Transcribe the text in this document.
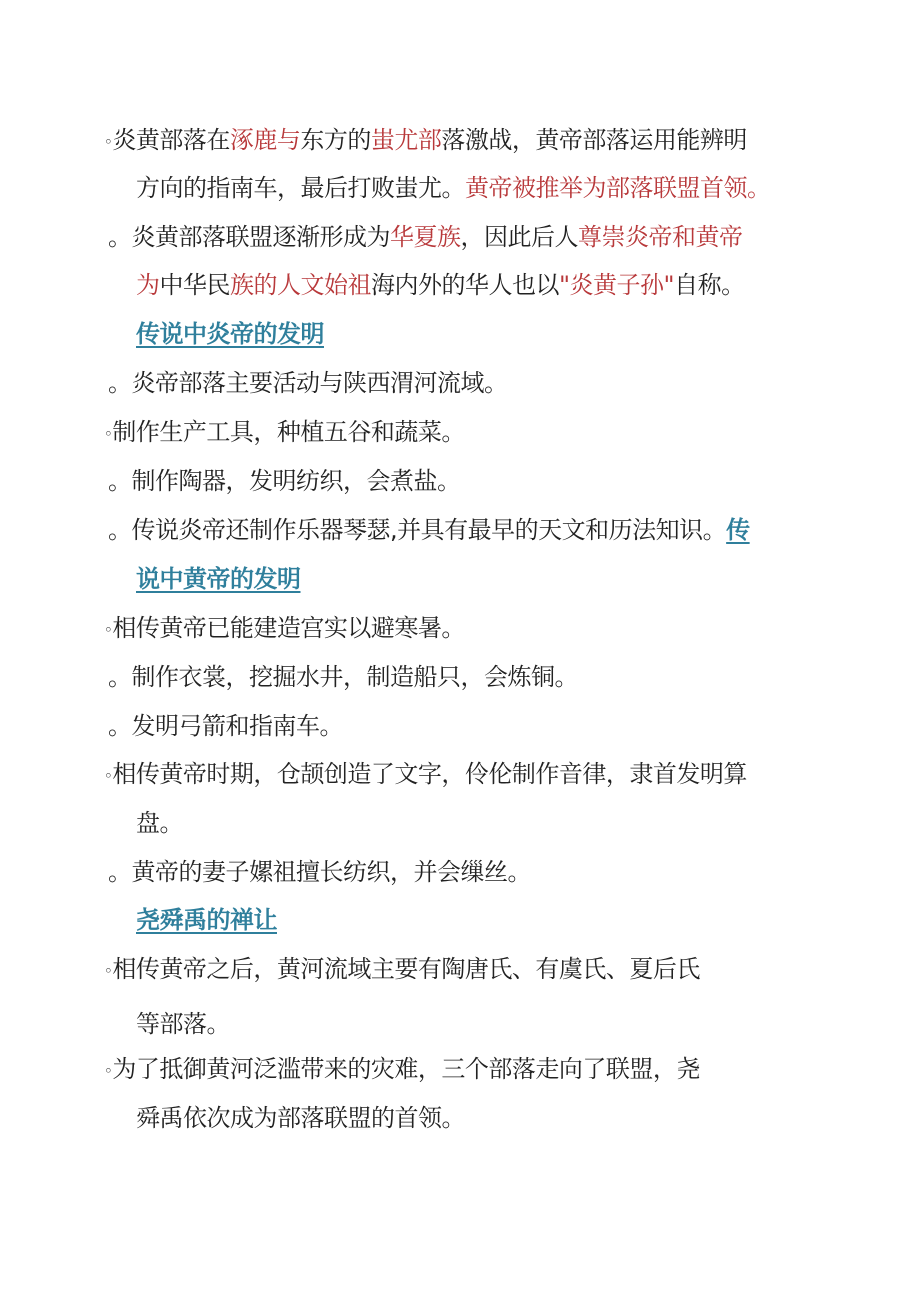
◦炎黄部落在涿鹿与东方的蚩尤部落激战，黄帝部落运用能辨明
方向的指南车，最后打败蚩尤。黄帝被推举为部落联盟首领。
。炎黄部落联盟逐渐形成为华夏族，因此后人尊崇炎帝和黄帝
为中华民族的人文始祖海内外的华人也以"炎黄子孙"自称。
传说中炎帝的发明
。炎帝部落主要活动与陕西渭河流域。
◦制作生产工具，种植五谷和蔬菜。
。制作陶器，发明纺织，会煮盐。
。传说炎帝还制作乐器琴瑟,并具有最早的天文和历法知识。传
说中黄帝的发明
◦相传黄帝已能建造宫实以避寒暑。
。制作衣裳，挖掘水井，制造船只，会炼铜。
。发明弓箭和指南车。
◦相传黄帝时期，仓颉创造了文字，伶伦制作音律，隶首发明算
盘。
。黄帝的妻子嫘祖擅长纺织，并会缫丝。
尧舜禹的禅让
◦相传黄帝之后，黄河流域主要有陶唐氏、有虞氏、夏后氏
等部落。
◦为了抵御黄河泛滥带来的灾难，三个部落走向了联盟，尧
舜禹依次成为部落联盟的首领。
